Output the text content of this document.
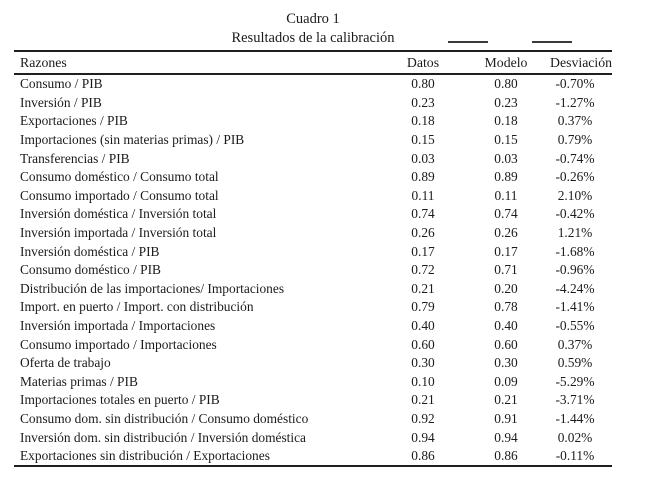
Cuadro 1
Resultados de la calibración
Razones	Datos	Modelo	Desviación
Consumo / PIB	0.80	0.80	-0.70%
Inversión / PIB	0.23	0.23	-1.27%
Exportaciones / PIB	0.18	0.18	0.37%
Importaciones (sin materias primas) / PIB	0.15	0.15	0.79%
Transferencias / PIB	0.03	0.03	-0.74%
Consumo doméstico / Consumo total	0.89	0.89	-0.26%
Consumo importado / Consumo total	0.11	0.11	2.10%
Inversión doméstica / Inversión total	0.74	0.74	-0.42%
Inversión importada / Inversión total	0.26	0.26	1.21%
Inversión doméstica / PIB	0.17	0.17	-1.68%
Consumo doméstico / PIB	0.72	0.71	-0.96%
Distribución de las importaciones/ Importaciones	0.21	0.20	-4.24%
Import. en puerto / Import. con distribución	0.79	0.78	-1.41%
Inversión importada / Importaciones	0.40	0.40	-0.55%
Consumo importado / Importaciones	0.60	0.60	0.37%
Oferta de trabajo	0.30	0.30	0.59%
Materias primas / PIB	0.10	0.09	-5.29%
Importaciones totales en puerto / PIB	0.21	0.21	-3.71%
Consumo dom. sin distribución / Consumo doméstico	0.92	0.91	-1.44%
Inversión dom. sin distribución / Inversión doméstica	0.94	0.94	0.02%
Exportaciones sin distribución / Exportaciones	0.86	0.86	-0.11%
